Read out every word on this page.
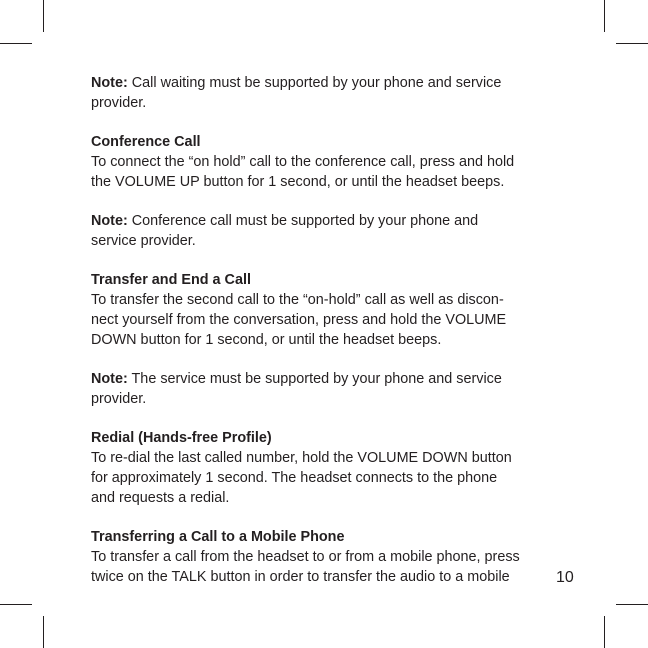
Note: Call waiting must be supported by your phone and service
provider.
Conference Call
To connect the “on hold” call to the conference call, press and hold
the VOLUME UP button for 1 second, or until the headset beeps.
Note: Conference call must be supported by your phone and
service provider.
Transfer and End a Call
To transfer the second call to the “on-hold” call as well as discon-
nect yourself from the conversation, press and hold the VOLUME
DOWN button for 1 second, or until the headset beeps.
Note: The service must be supported by your phone and service
provider.
Redial (Hands-free Profile)
To re-dial the last called number, hold the VOLUME DOWN button
for approximately 1 second. The headset connects to the phone
and requests a redial.
Transferring a Call to a Mobile Phone
To transfer a call from the headset to or from a mobile phone, press
twice on the TALK button in order to transfer the audio to a mobile	10
